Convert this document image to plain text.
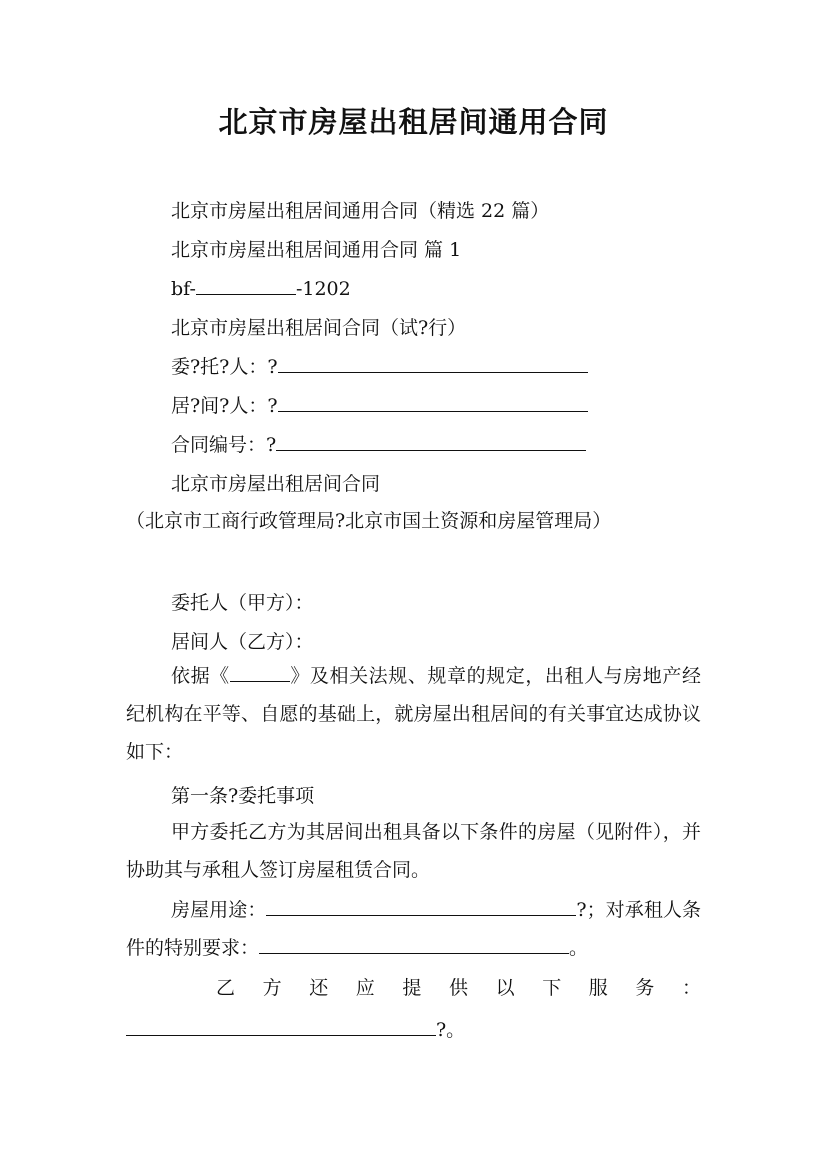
北京市房屋出租居间通用合同
北京市房屋出租居间通用合同（精选 22 篇）
北京市房屋出租居间通用合同 篇 1
bf-	-1202
北京市房屋出租居间合同（试?行）
委?托?人：?
居?间?人：?
合同编号：?
北京市房屋出租居间合同
（北京市工商行政管理局?北京市国土资源和房屋管理局）
委托人（甲方）：
居间人（乙方）：
依据《	》及相关法规、规章的规定，出租人与房地产经纪机构在平等、自愿的基础上，就房屋出租居间的有关事宜达成协议如下：
第一条?委托事项
甲方委托乙方为其居间出租具备以下条件的房屋（见附件），并协助其与承租人签订房屋租赁合同。
房屋用途：	?；对承租人条件的特别要求：	。
乙方还应提供以下服务：
?。
